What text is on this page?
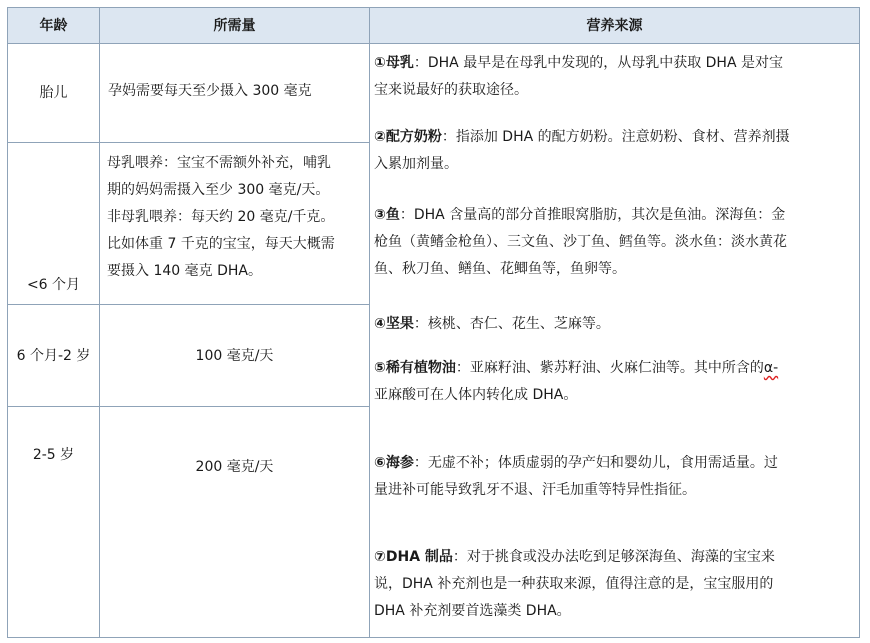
年龄	所需量	营养来源
胎儿
<6 个月
6 个月-2 岁
2-5 岁
孕妈需要每天至少摄入 300 毫克

母乳喂养：宝宝不需额外补充，哺乳

期的妈妈需摄入至少 300 毫克/天。

非母乳喂养：每天约 20 毫克/千克。

比如体重 7 千克的宝宝，每天大概需

要摄入 140 毫克 DHA。

100 毫克/天
200 毫克/天
①母乳：DHA 最早是在母乳中发现的，从母乳中获取 DHA 是对宝
宝来说最好的获取途径。
②配方奶粉：指添加 DHA 的配方奶粉。注意奶粉、食材、营养剂摄
入累加剂量。
③鱼：DHA 含量高的部分首推眼窝脂肪，其次是鱼油。深海鱼：金
枪鱼（黄鳍金枪鱼）、三文鱼、沙丁鱼、鳕鱼等。淡水鱼：淡水黄花
鱼、秋刀鱼、鳝鱼、花鲫鱼等，鱼卵等。
④坚果：核桃、杏仁、花生、芝麻等。
⑤稀有植物油：亚麻籽油、紫苏籽油、火麻仁油等。其中所含的α-
亚麻酸可在人体内转化成 DHA。
⑥海参：无虚不补；体质虚弱的孕产妇和婴幼儿，食用需适量。过
量进补可能导致乳牙不退、汗毛加重等特异性指征。
⑦DHA 制品：对于挑食或没办法吃到足够深海鱼、海藻的宝宝来
说，DHA 补充剂也是一种获取来源，值得注意的是，宝宝服用的
DHA 补充剂要首选藻类 DHA。
